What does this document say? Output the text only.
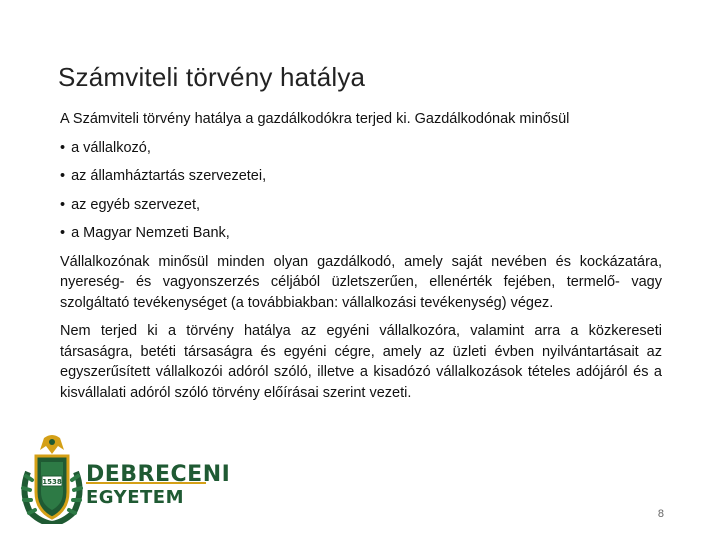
Számviteli törvény hatálya

A Számviteli törvény hatálya a gazdálkodókra terjed ki. Gazdálkodónak minősül

• a vállalkozó,
• az államháztartás szervezetei,
• az egyéb szervezet,
• a Magyar Nemzeti Bank,

Vállalkozónak minősül minden olyan gazdálkodó, amely saját nevében és kockázatára, nyereség- és vagyonszerzés céljából üzletszerűen, ellenérték fejében, termelő- vagy szolgáltató tevékenységet (a továbbiakban: vállalkozási tevékenység) végez.

Nem terjed ki a törvény hatálya az egyéni vállalkozóra, valamint arra a közkereseti társaságra, betéti társaságra és egyéni cégre, amely az üzleti évben nyilvántartásait az egyszerűsített vállalkozói adóról szóló, illetve a kisadózó vállalkozások tételes adójáról és a kisvállalati adóról szóló törvény előírásai szerint vezeti.

1538 DEBRECENI
EGYETEM
8
